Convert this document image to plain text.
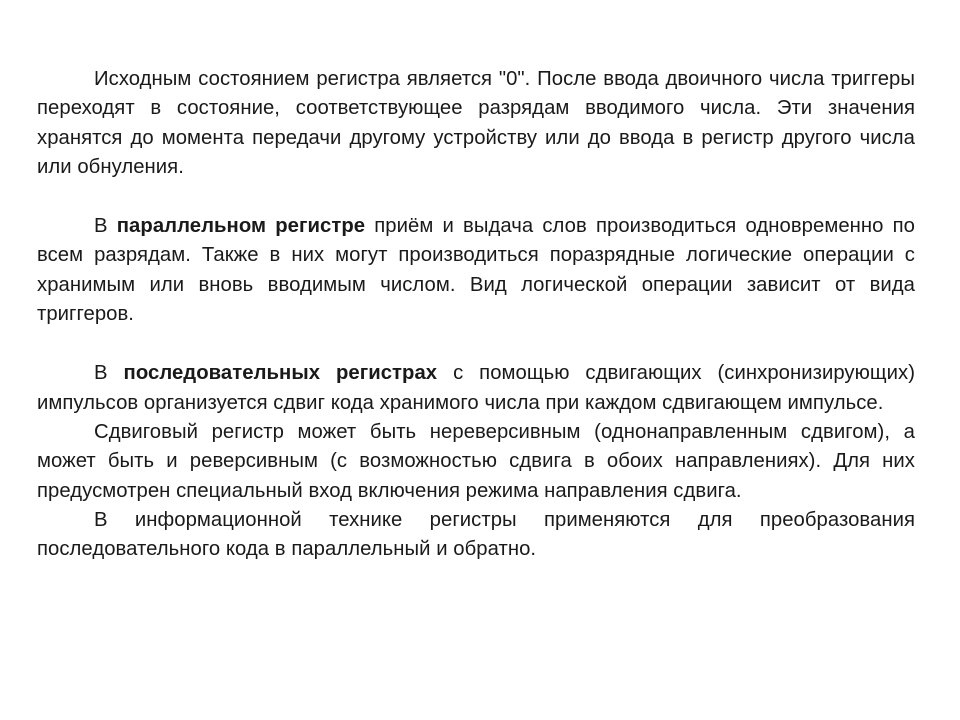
Исходным состоянием регистра является "0". После ввода двоичного числа триггеры переходят в состояние, соответствующее разрядам вводимого числа. Эти значения хранятся до момента передачи другому устройству или до ввода в регистр другого числа или обнуления.

В параллельном регистре приём и выдача слов производиться одновременно по всем разрядам. Также в них могут производиться поразрядные логические операции с хранимым или вновь вводимым числом. Вид логической операции зависит от вида триггеров.

В последовательных регистрах с помощью сдвигающих (синхронизирующих) импульсов организуется сдвиг кода хранимого числа при каждом сдвигающем импульсе.

Сдвиговый регистр может быть нереверсивным (однонаправленным сдвигом), а может быть и реверсивным (с возможностью сдвига в обоих направлениях). Для них предусмотрен специальный вход включения режима направления сдвига.

В информационной технике регистры применяются для преобразования последовательного кода в параллельный и обратно.
